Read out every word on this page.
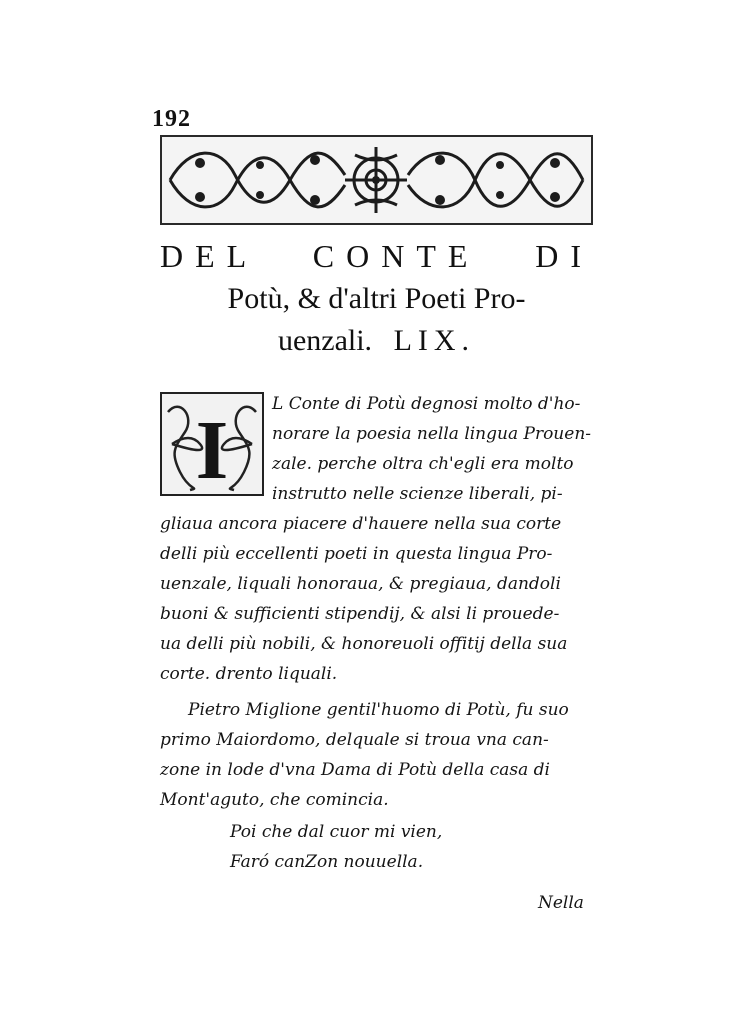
192
DEL CONTE DI
Potù, & d'altri Poeti Pro-
uenzali. LIX.
I	L Conte di Potù degnosi molto d'ho-
norare la poesia nella lingua Prouen-
zale. perche oltra ch'egli era molto
instrutto nelle scienze liberali, pi-
gliaua ancora piacere d'hauere nella sua corte
delli più eccellenti poeti in questa lingua Pro-
uenzale, liquali honoraua, & pregiaua, dandoli
buoni & sufficienti stipendij, & alsi li prouede-
ua delli più nobili, & honoreuoli offitij della sua
corte. drento liquali.
Pietro Miglione gentil'huomo di Potù, fu suo
primo Maiordomo, delquale si troua vna can-
zone in lode d'vna Dama di Potù della casa di
Mont'aguto, che comincia.
Poi che dal cuor mi vien,
Faró canZon nouuella.
Nella
